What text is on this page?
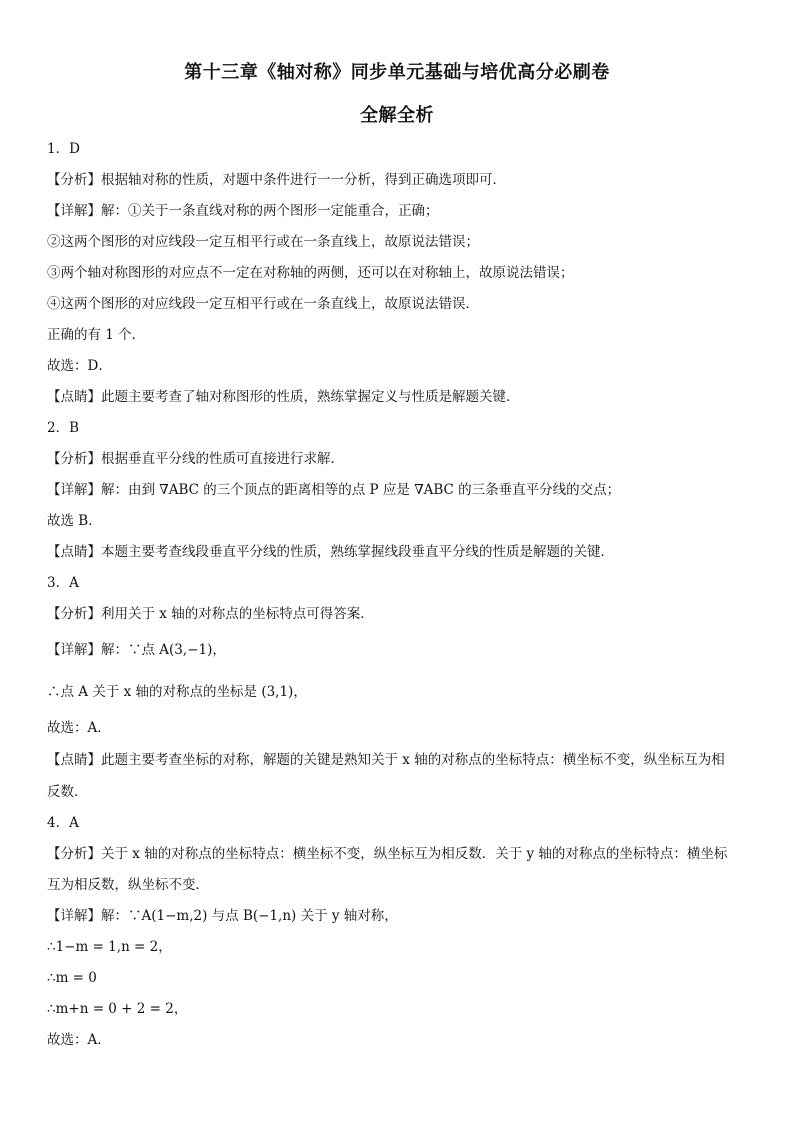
第十三章《轴对称》同步单元基础与培优高分必刷卷
全解全析
1．D
【分析】根据轴对称的性质，对题中条件进行一一分析，得到正确选项即可．
【详解】解：①关于一条直线对称的两个图形一定能重合，正确；
②这两个图形的对应线段一定互相平行或在一条直线上，故原说法错误；
③两个轴对称图形的对应点不一定在对称轴的两侧，还可以在对称轴上，故原说法错误；
④这两个图形的对应线段一定互相平行或在一条直线上，故原说法错误．
正确的有 1 个．
故选：D．
【点睛】此题主要考查了轴对称图形的性质，熟练掌握定义与性质是解题关键．
2．B
【分析】根据垂直平分线的性质可直接进行求解．
【详解】解：由到 ∇ABC 的三个顶点的距离相等的点 P 应是 ∇ABC 的三条垂直平分线的交点；
故选 B．
【点睛】本题主要考查线段垂直平分线的性质，熟练掌握线段垂直平分线的性质是解题的关键．
3．A
【分析】利用关于 x 轴的对称点的坐标特点可得答案．
【详解】解：∵点 A(3,−1)，
∴点 A 关于 x 轴的对称点的坐标是 (3,1)，
故选：A．
【点睛】此题主要考查坐标的对称，解题的关键是熟知关于 x 轴的对称点的坐标特点：横坐标不变，纵坐标互为相
反数．
4．A
【分析】关于 x 轴的对称点的坐标特点：横坐标不变，纵坐标互为相反数．关于 y 轴的对称点的坐标特点：横坐标
互为相反数，纵坐标不变．
【详解】解：∵A(1−m,2) 与点 B(−1,n) 关于 y 轴对称，
∴1−m = 1,n = 2，
∴m = 0
∴m+n = 0 + 2 = 2，
故选：A．
